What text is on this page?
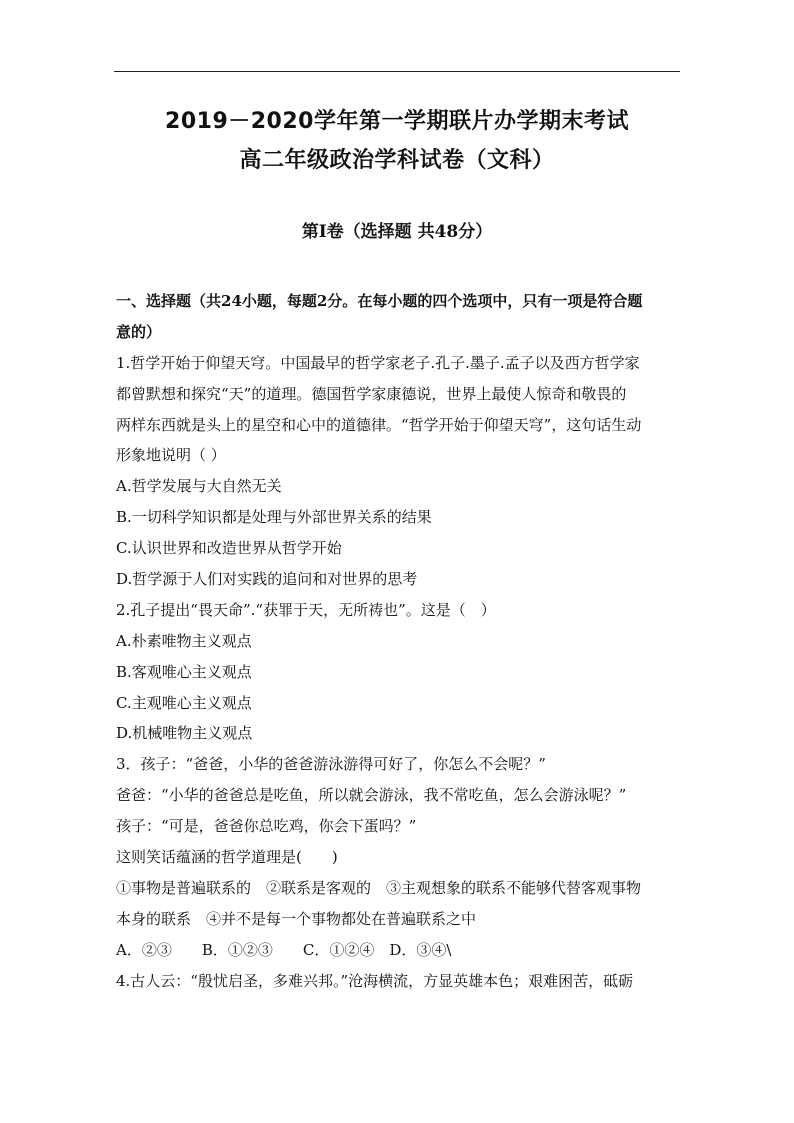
2019－2020学年第一学期联片办学期末考试
高二年级政治学科试卷（文科）
第Ⅰ卷（选择题 共48分）
一、选择题（共24小题，每题2分。在每小题的四个选项中，只有一项是符合题
意的）
1.哲学开始于仰望天穹。中国最早的哲学家老子.孔子.墨子.孟子以及西方哲学家
都曾默想和探究“天”的道理。德国哲学家康德说，世界上最使人惊奇和敬畏的
两样东西就是头上的星空和心中的道德律。“哲学开始于仰望天穹”，这句话生动
形象地说明（ ）
A.哲学发展与大自然无关
B.一切科学知识都是处理与外部世界关系的结果
C.认识世界和改造世界从哲学开始
D.哲学源于人们对实践的追问和对世界的思考
2.孔子提出“畏天命”.“获罪于天，无所祷也”。这是（　）
A.朴素唯物主义观点
B.客观唯心主义观点
C.主观唯心主义观点
D.机械唯物主义观点
3．孩子：“爸爸，小华的爸爸游泳游得可好了，你怎么不会呢？”
爸爸：“小华的爸爸总是吃鱼，所以就会游泳，我不常吃鱼，怎么会游泳呢？”
孩子：“可是，爸爸你总吃鸡，你会下蛋吗？”
这则笑话蕴涵的哲学道理是(　　)
①事物是普遍联系的　②联系是客观的　③主观想象的联系不能够代替客观事物
本身的联系　④并不是每一个事物都处在普遍联系之中
A．②③　　B．①②③　　C．①②④　D．③④\
4.古人云：“殷忧启圣，多难兴邦。”沧海横流，方显英雄本色；艰难困苦，砥砺
